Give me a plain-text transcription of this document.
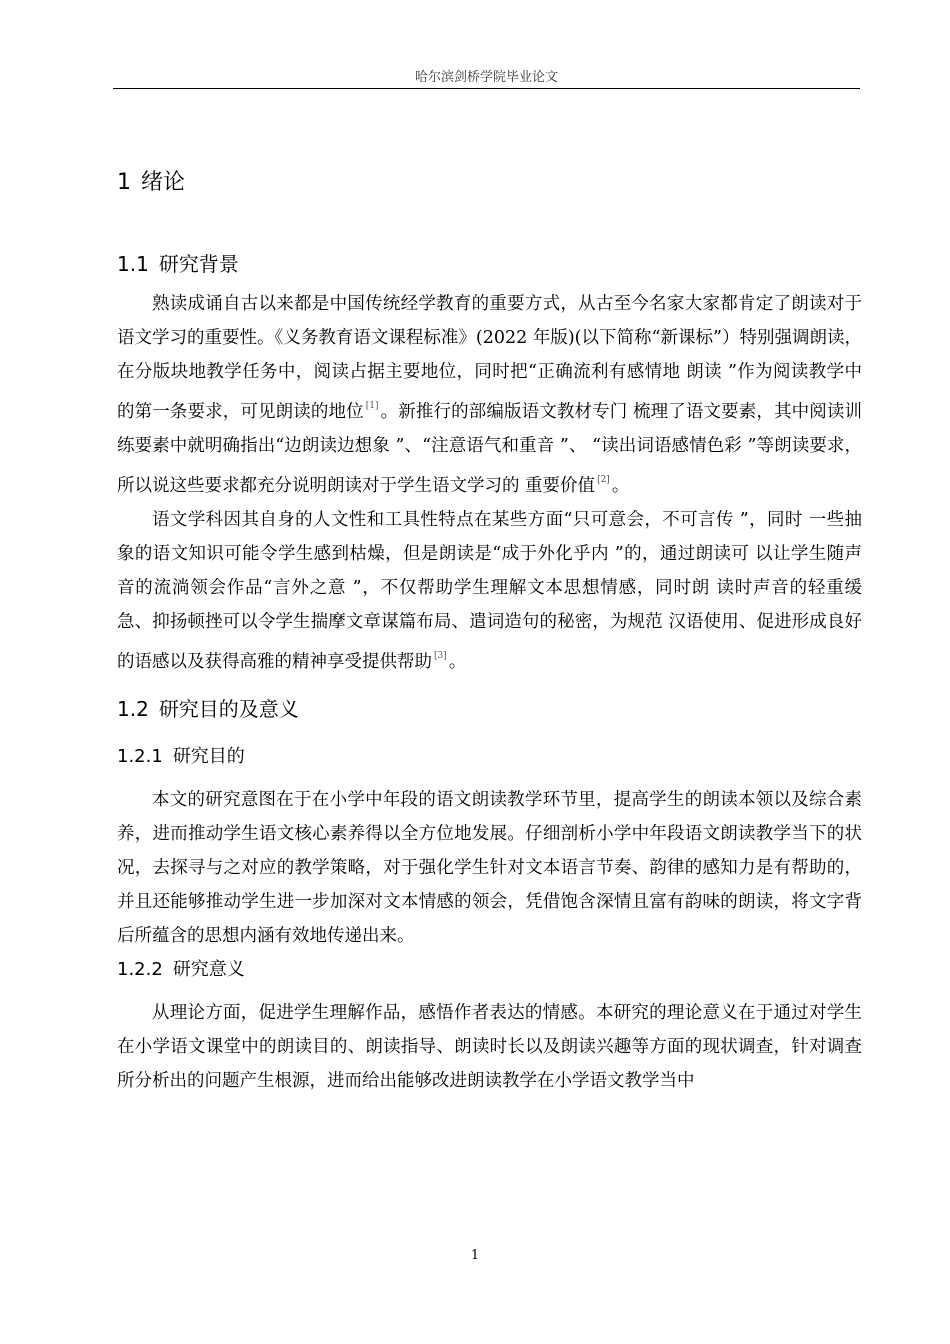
哈尔滨剑桥学院毕业论文
1 绪论
1.1 研究背景

熟读成诵自古以来都是中国传统经学教育的重要方式，从古至今名家大家都肯定了朗读对于语文学习的重要性。《义务教育语文课程标准》(2022 年版)(以下简称“新课标”）特别强调朗读，在分版块地教学任务中，阅读占据主要地位，同时把“正确流利有感情地 朗读 ”作为阅读教学中的第一条要求，可见朗读的地位 [1] 。新推行的部编版语文教材专门 梳理了语文要素，其中阅读训练要素中就明确指出“边朗读边想象 ”、“注意语气和重音 ”、 “读出词语感情色彩 ”等朗读要求，所以说这些要求都充分说明朗读对于学生语文学习的 重要价值 [2] 。

语文学科因其自身的人文性和工具性特点在某些方面“只可意会，不可言传 ”，同时 一些抽象的语文知识可能令学生感到枯燥，但是朗读是“成于外化乎内 ”的，通过朗读可 以让学生随声音的流淌领会作品“言外之意 ”，不仅帮助学生理解文本思想情感，同时朗 读时声音的轻重缓急、抑扬顿挫可以令学生揣摩文章谋篇布局、遣词造句的秘密，为规范 汉语使用、促进形成良好的语感以及获得高雅的精神享受提供帮助 [3] 。

1.2 研究目的及意义
1.2.1 研究目的

本文的研究意图在于在小学中年段的语文朗读教学环节里，提高学生的朗读本领以及综合素养，进而推动学生语文核心素养得以全方位地发展。仔细剖析小学中年段语文朗读教学当下的状况，去探寻与之对应的教学策略，对于强化学生针对文本语言节奏、韵律的感知力是有帮助的，并且还能够推动学生进一步加深对文本情感的领会，凭借饱含深情且富有韵味的朗读，将文字背后所蕴含的思想内涵有效地传递出来。

1.2.2 研究意义

从理论方面，促进学生理解作品，感悟作者表达的情感。本研究的理论意义在于通过对学生在小学语文课堂中的朗读目的、朗读指导、朗读时长以及朗读兴趣等方面的现状调查，针对调查所分析出的问题产生根源，进而给出能够改进朗读教学在小学语文教学当中

1
